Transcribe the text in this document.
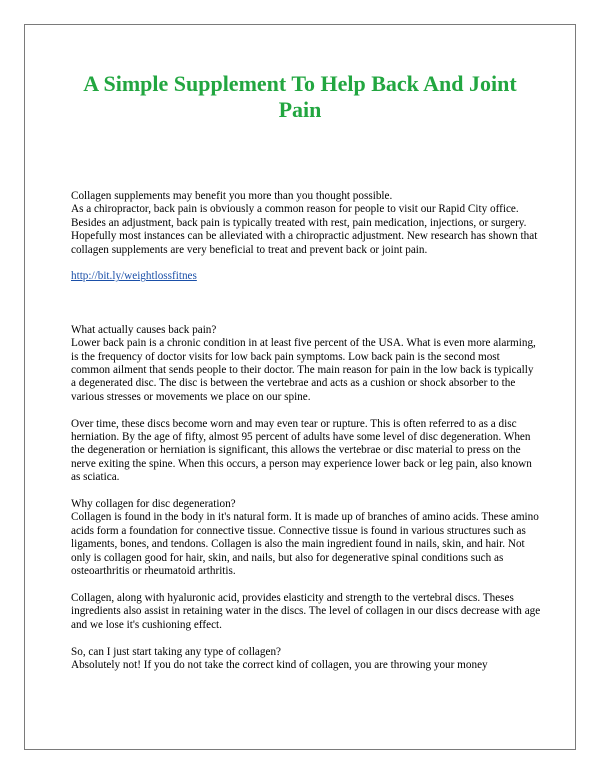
A Simple Supplement To Help Back And Joint Pain

Collagen supplements may benefit you more than you thought possible.

As a chiropractor, back pain is obviously a common reason for people to visit our Rapid City office. Besides an adjustment, back pain is typically treated with rest, pain medication, injections, or surgery. Hopefully most instances can be alleviated with a chiropractic adjustment. New research has shown that collagen supplements are very beneficial to treat and prevent back or joint pain.

http://bit.ly/weightlossfitnes

What actually causes back pain?

Lower back pain is a chronic condition in at least five percent of the USA. What is even more alarming, is the frequency of doctor visits for low back pain symptoms. Low back pain is the second most common ailment that sends people to their doctor. The main reason for pain in the low back is typically a degenerated disc. The disc is between the vertebrae and acts as a cushion or shock absorber to the various stresses or movements we place on our spine.

Over time, these discs become worn and may even tear or rupture. This is often referred to as a disc herniation. By the age of fifty, almost 95 percent of adults have some level of disc degeneration. When the degeneration or herniation is significant, this allows the vertebrae or disc material to press on the nerve exiting the spine. When this occurs, a person may experience lower back or leg pain, also known as sciatica.

Why collagen for disc degeneration?

Collagen is found in the body in it's natural form. It is made up of branches of amino acids. These amino acids form a foundation for connective tissue. Connective tissue is found in various structures such as ligaments, bones, and tendons. Collagen is also the main ingredient found in nails, skin, and hair. Not only is collagen good for hair, skin, and nails, but also for degenerative spinal conditions such as osteoarthritis or rheumatoid arthritis.

Collagen, along with hyaluronic acid, provides elasticity and strength to the vertebral discs. Theses ingredients also assist in retaining water in the discs. The level of collagen in our discs decrease with age and we lose it's cushioning effect.

So, can I just start taking any type of collagen?

Absolutely not! If you do not take the correct kind of collagen, you are throwing your money
